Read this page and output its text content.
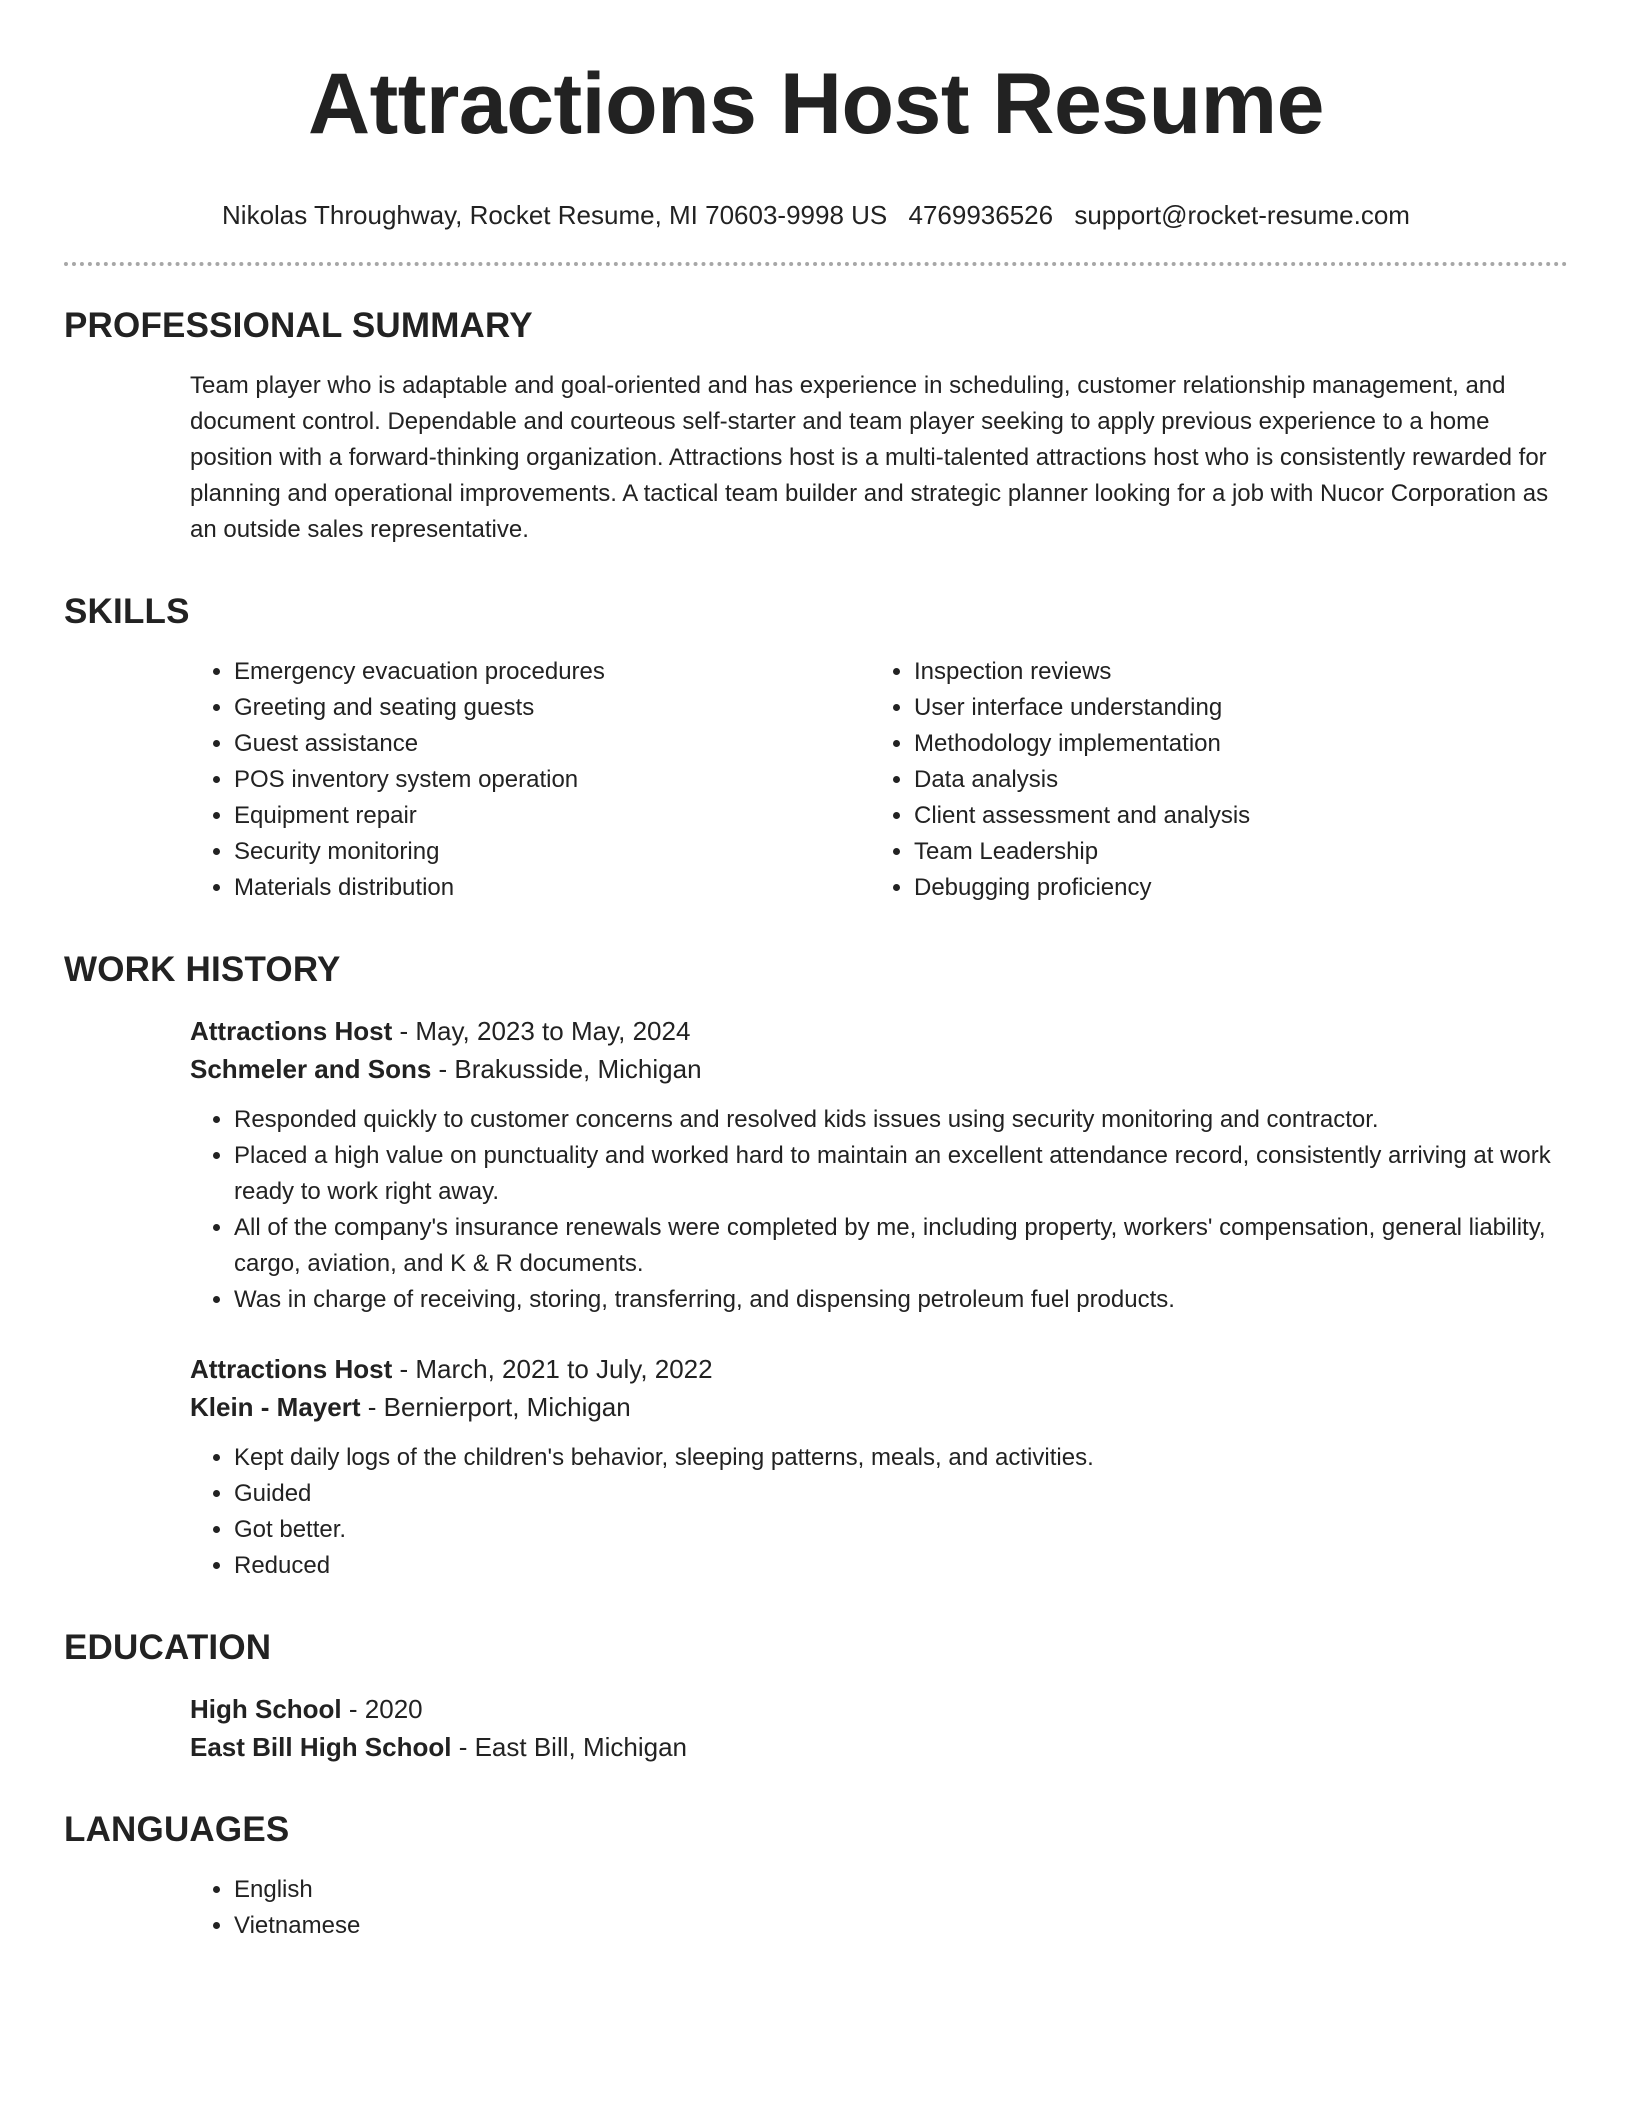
Attractions Host Resume
Nikolas Throughway, Rocket Resume, MI 70603-9998 US 4769936526 support@rocket-resume.com
PROFESSIONAL SUMMARY

Team player who is adaptable and goal-oriented and has experience in scheduling, customer relationship management, and document control. Dependable and courteous self-starter and team player seeking to apply previous experience to a home position with a forward-thinking organization. Attractions host is a multi-talented attractions host who is consistently rewarded for planning and operational improvements. A tactical team builder and strategic planner looking for a job with Nucor Corporation as an outside sales representative.

SKILLS
• Emergency evacuation procedures
• Greeting and seating guests
• Guest assistance
• POS inventory system operation
• Equipment repair
• Security monitoring
• Materials distribution
• Inspection reviews
• User interface understanding
• Methodology implementation
• Data analysis
• Client assessment and analysis
• Team Leadership
• Debugging proficiency
WORK HISTORY
Attractions Host - May, 2023 to May, 2024
Schmeler and Sons - Brakusside, Michigan
• Responded quickly to customer concerns and resolved kids issues using security monitoring and contractor.
• Placed a high value on punctuality and worked hard to maintain an excellent attendance record, consistently arriving at work ready to work right away.
• All of the company's insurance renewals were completed by me, including property, workers' compensation, general liability, cargo, aviation, and K & R documents.
• Was in charge of receiving, storing, transferring, and dispensing petroleum fuel products.
Attractions Host - March, 2021 to July, 2022
Klein - Mayert - Bernierport, Michigan
• Kept daily logs of the children's behavior, sleeping patterns, meals, and activities.
• Guided
• Got better.
• Reduced
EDUCATION
High School - 2020
East Bill High School - East Bill, Michigan
LANGUAGES
• English
• Vietnamese
